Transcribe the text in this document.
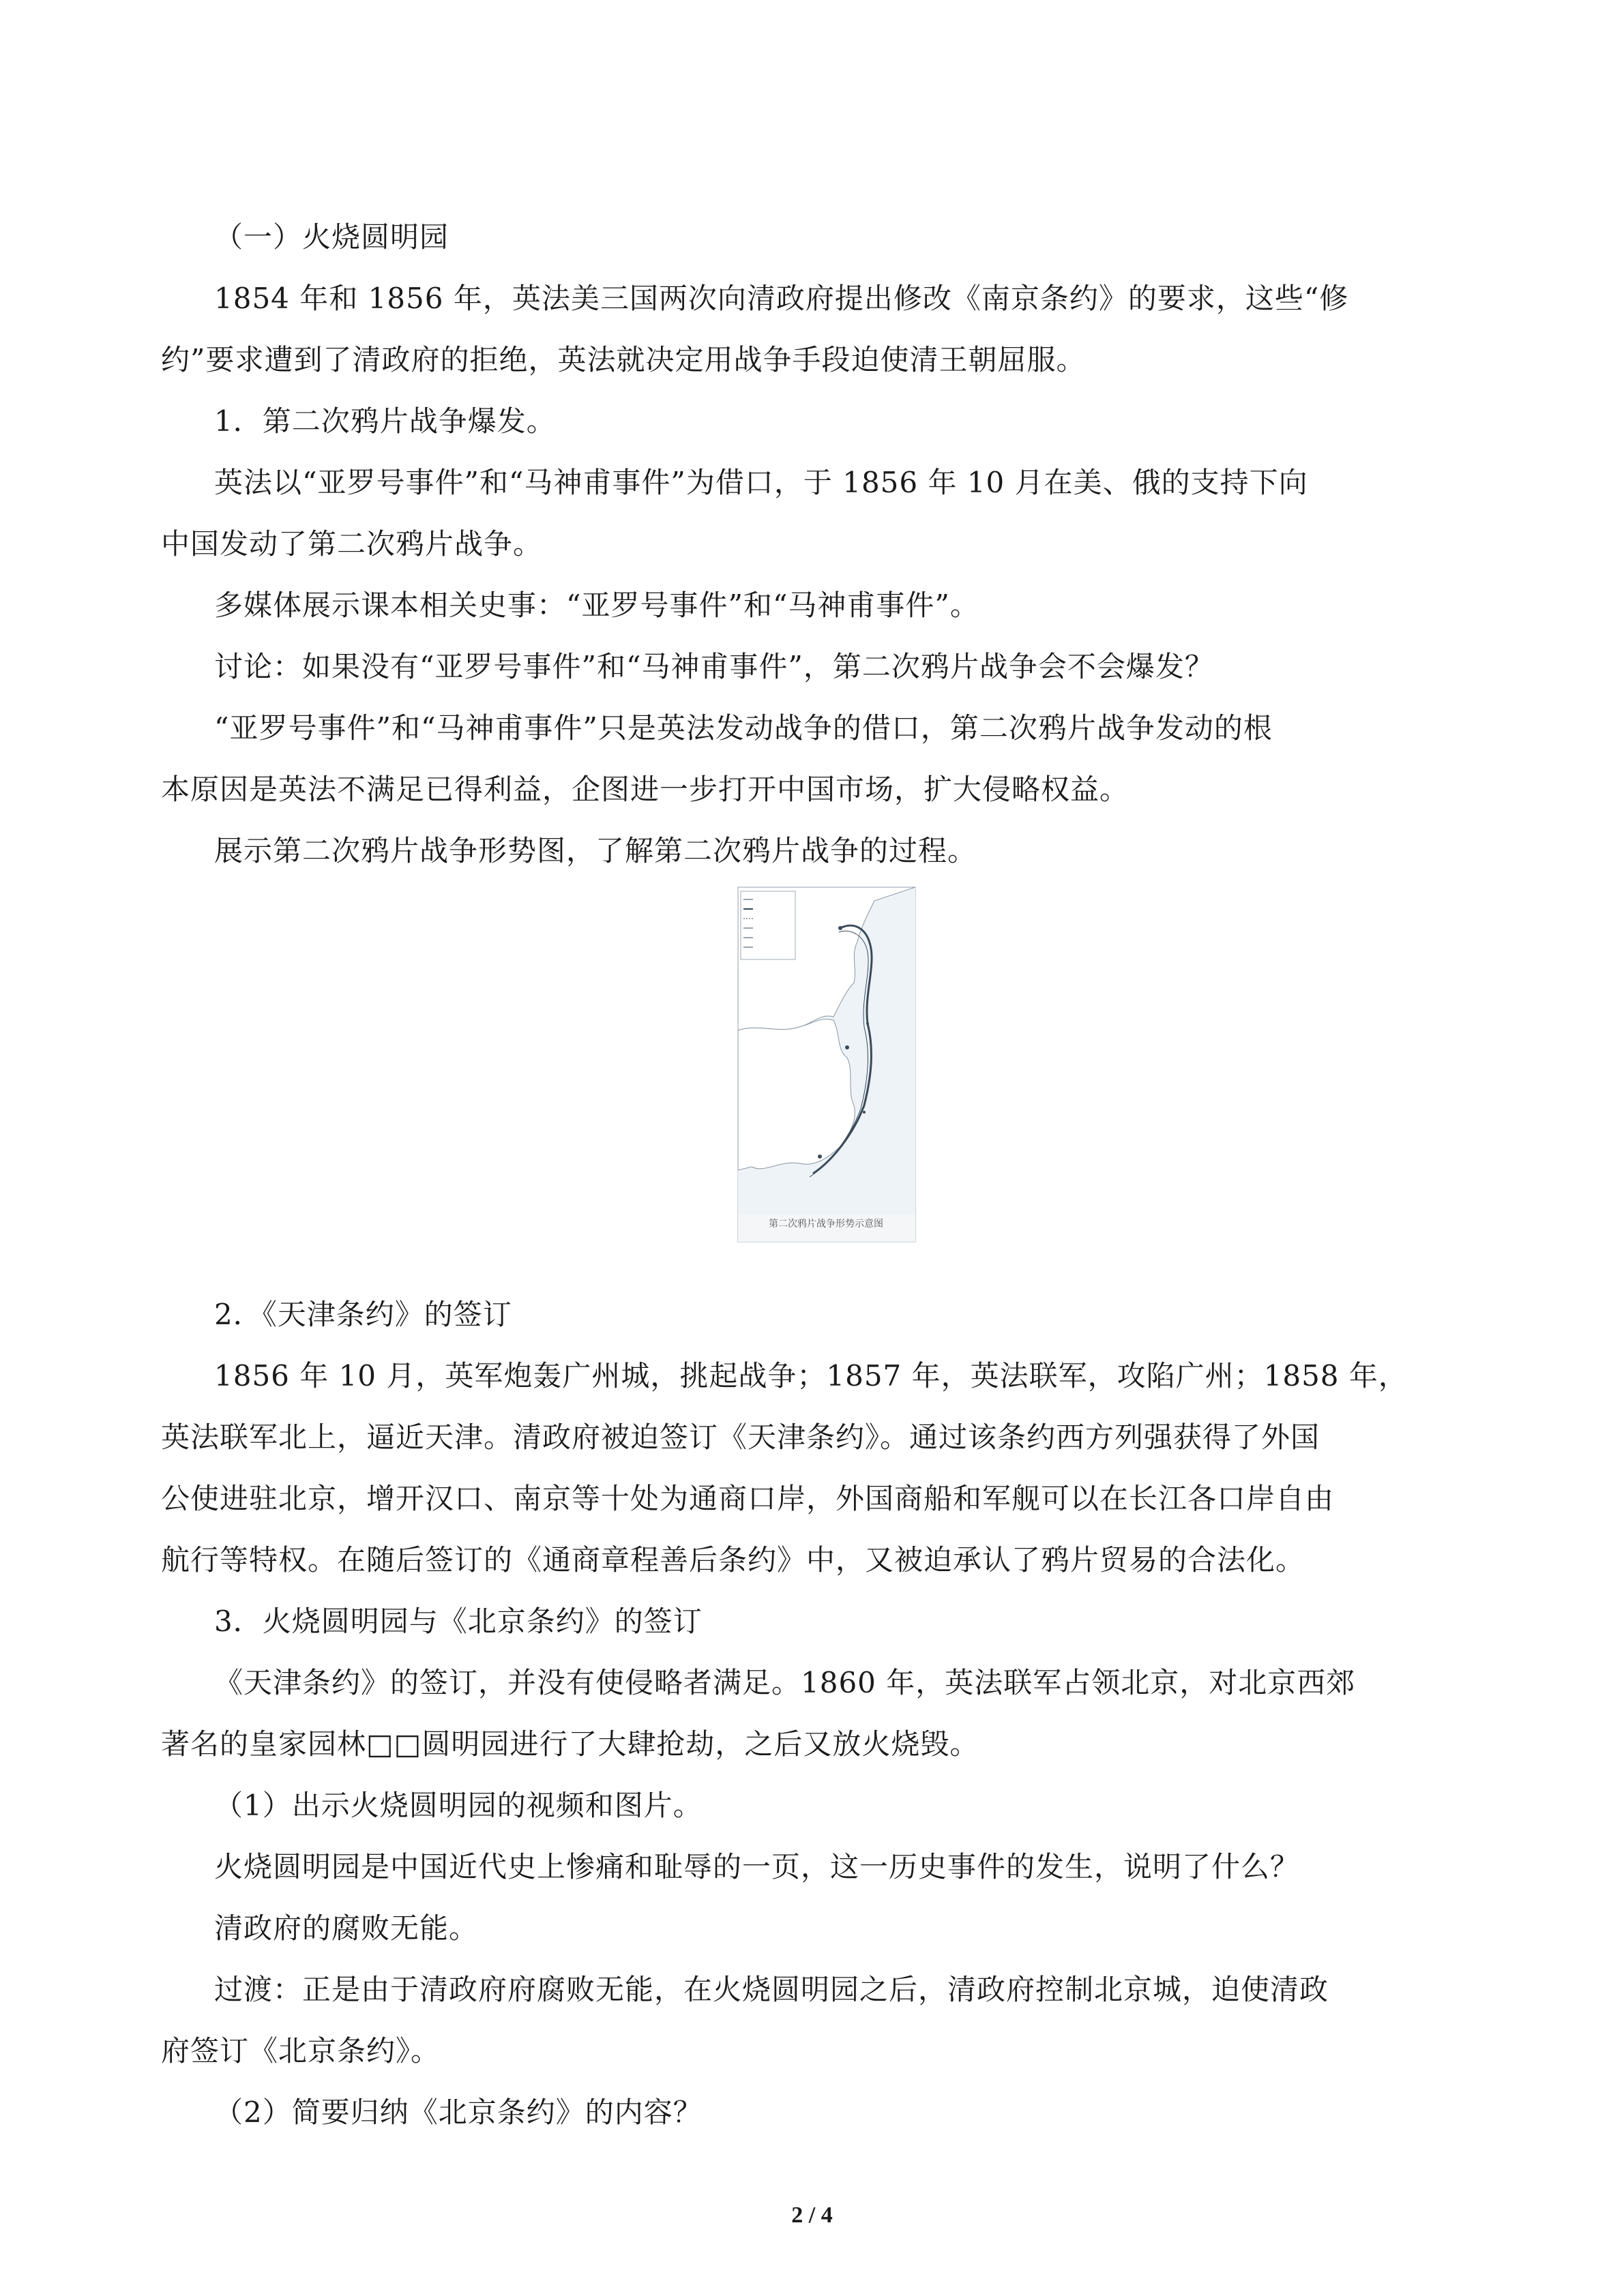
（一）火烧圆明园
1854 年和 1856 年，英法美三国两次向清政府提出修改《南京条约》的要求，这些“修
约”要求遭到了清政府的拒绝，英法就决定用战争手段迫使清王朝屈服。
1．第二次鸦片战争爆发。
英法以“亚罗号事件”和“马神甫事件”为借口，于 1856 年 10 月在美、俄的支持下向
中国发动了第二次鸦片战争。
多媒体展示课本相关史事：“亚罗号事件”和“马神甫事件”。
讨论：如果没有“亚罗号事件”和“马神甫事件”，第二次鸦片战争会不会爆发？
“亚罗号事件”和“马神甫事件”只是英法发动战争的借口，第二次鸦片战争发动的根
本原因是英法不满足已得利益，企图进一步打开中国市场，扩大侵略权益。
展示第二次鸦片战争形势图，了解第二次鸦片战争的过程。
第二次鸦片战争形势示意图
2．《天津条约》的签订
1856 年 10 月，英军炮轰广州城，挑起战争；1857 年，英法联军，攻陷广州；1858 年，
英法联军北上，逼近天津。清政府被迫签订《天津条约》。通过该条约西方列强获得了外国
公使进驻北京，增开汉口、南京等十处为通商口岸，外国商船和军舰可以在长江各口岸自由
航行等特权。在随后签订的《通商章程善后条约》中，又被迫承认了鸦片贸易的合法化。
3．火烧圆明园与《北京条约》的签订
《天津条约》的签订，并没有使侵略者满足。1860 年，英法联军占领北京，对北京西郊
著名的皇家园林□□圆明园进行了大肆抢劫，之后又放火烧毁。
（1）出示火烧圆明园的视频和图片。
火烧圆明园是中国近代史上惨痛和耻辱的一页，这一历史事件的发生，说明了什么？
清政府的腐败无能。
过渡：正是由于清政府府腐败无能，在火烧圆明园之后，清政府控制北京城，迫使清政
府签订《北京条约》。
（2）简要归纳《北京条约》的内容？
2 / 4
